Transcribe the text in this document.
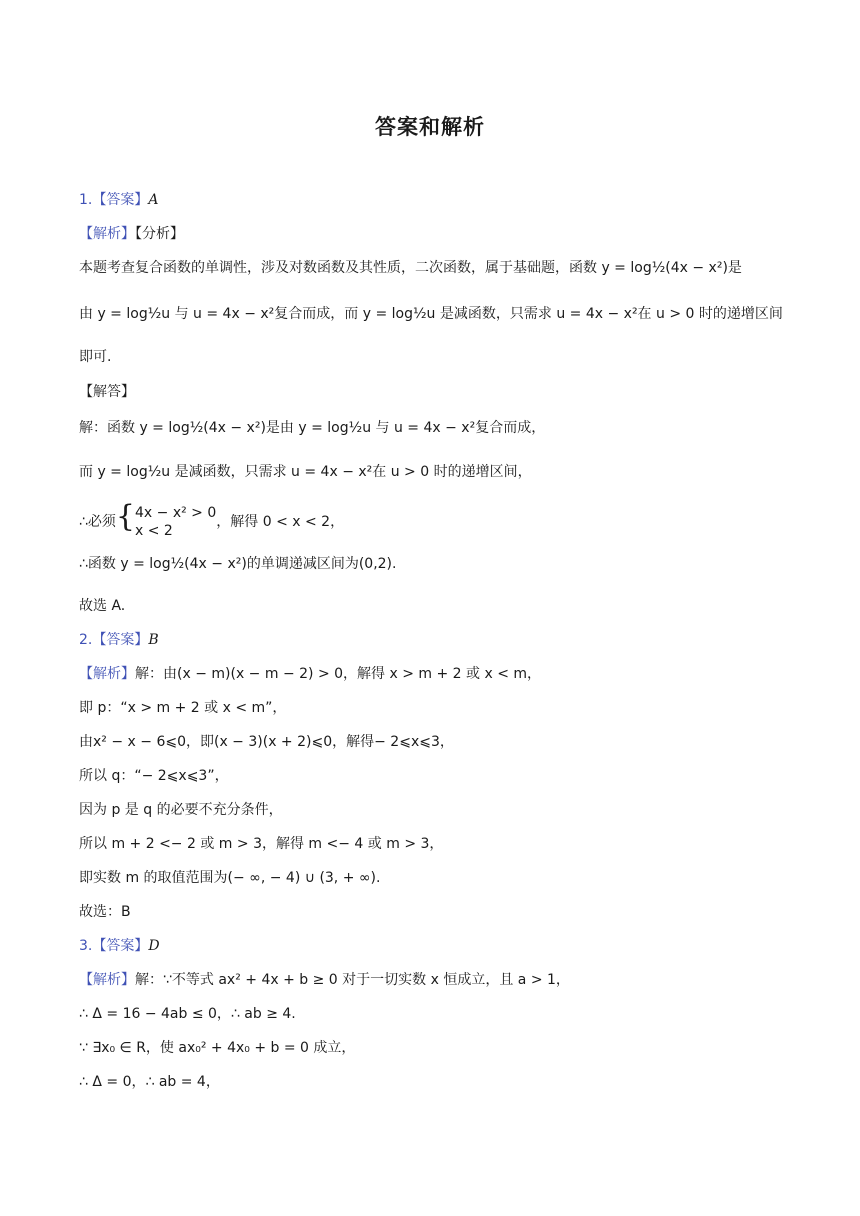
答案和解析
1.【答案】A
【解析】【分析】
本题考查复合函数的单调性，涉及对数函数及其性质，二次函数，属于基础题，函数 y = log½(4x − x²)是
由 y = log½u 与 u = 4x − x²复合而成，而 y = log½u 是减函数，只需求 u = 4x − x²在 u > 0 时的递增区间
即可.
【解答】
解：函数 y = log½(4x − x²)是由 y = log½u 与 u = 4x − x²复合而成，
而 y = log½u 是减函数，只需求 u = 4x − x²在 u > 0 时的递增区间，
∴必须{ 4x − x² > 0
x < 2
，解得 0 < x < 2，
∴函数 y = log½(4x − x²)的单调递减区间为(0,2).
故选 A.
2.【答案】B
【解析】解：由(x − m)(x − m − 2) > 0，解得 x > m + 2 或 x < m，
即 p：“x > m + 2 或 x < m”，
由x² − x − 6⩽0，即(x − 3)(x + 2)⩽0，解得− 2⩽x⩽3，
所以 q：“− 2⩽x⩽3”，
因为 p 是 q 的必要不充分条件，
所以 m + 2 <− 2 或 m > 3，解得 m <− 4 或 m > 3，
即实数 m 的取值范围为(− ∞, − 4) ∪ (3, + ∞).
故选：B
3.【答案】D
【解析】解：∵不等式 ax² + 4x + b ≥ 0 对于一切实数 x 恒成立，且 a > 1，
∴ Δ = 16 − 4ab ≤ 0，∴ ab ≥ 4.
∵ ∃x₀ ∈ R，使 ax₀² + 4x₀ + b = 0 成立，
∴ Δ = 0，∴ ab = 4，
